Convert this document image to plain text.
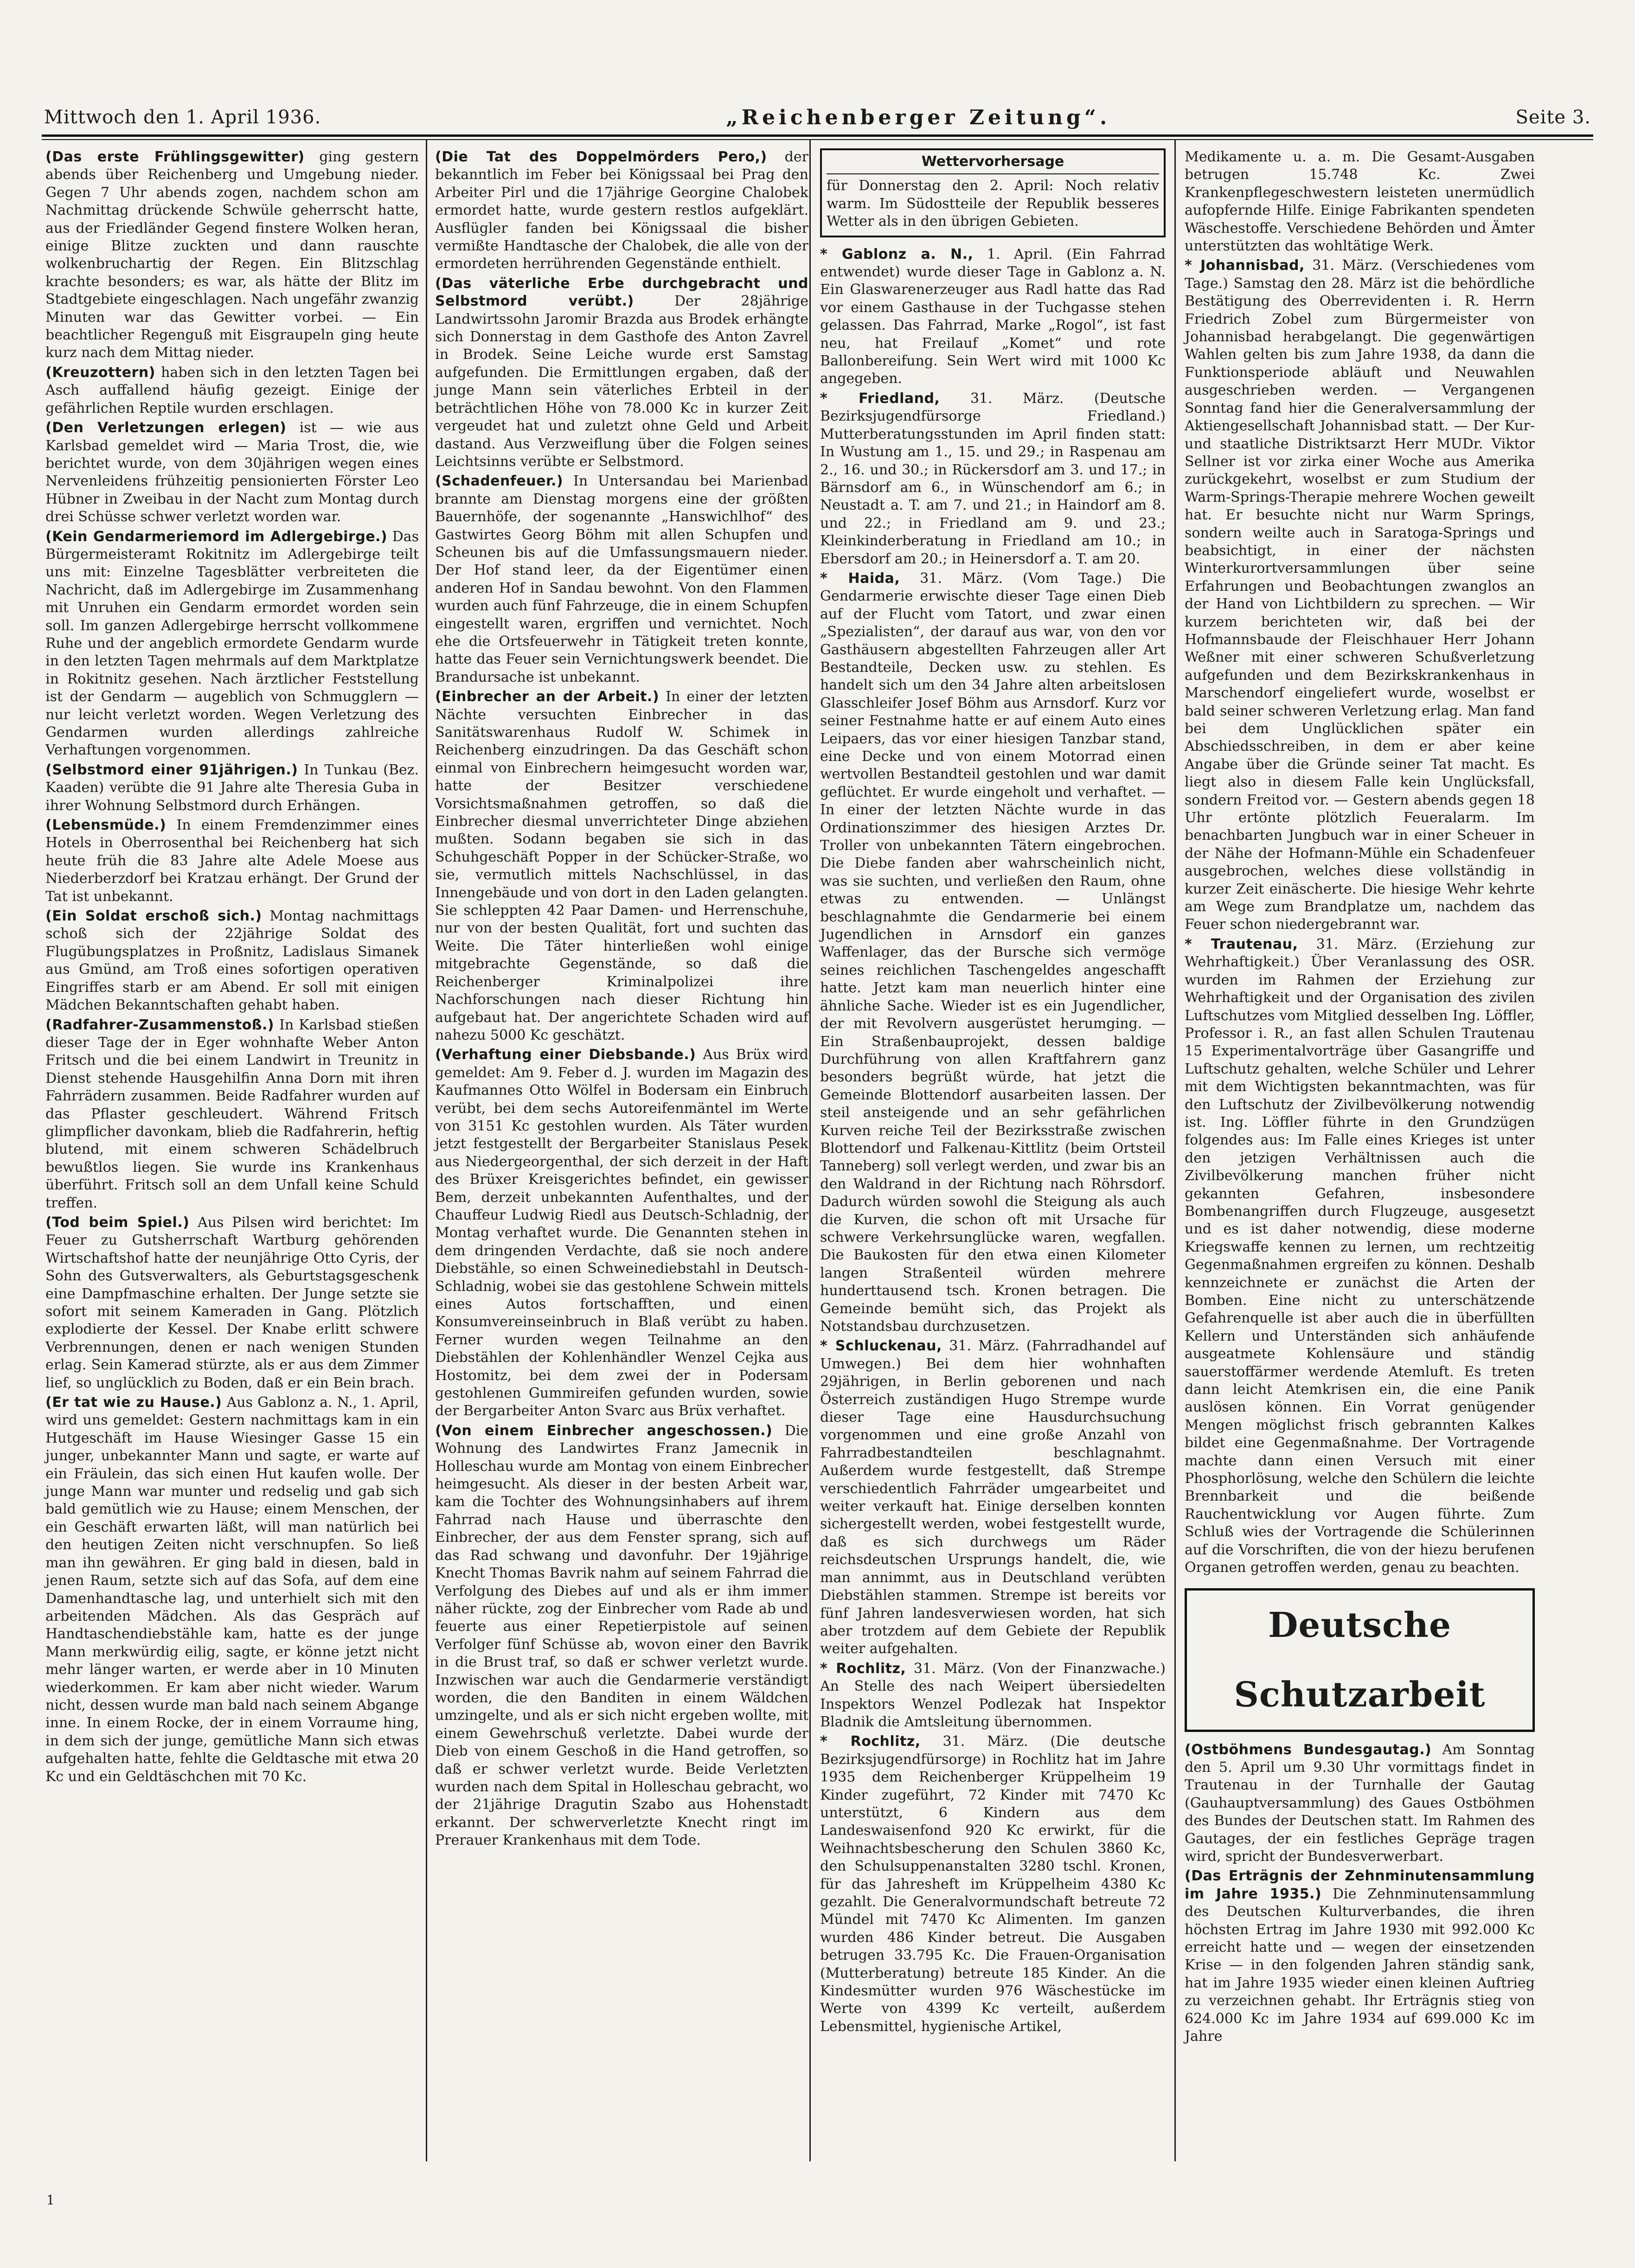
Mittwoch den 1. April 1936.	„Reichenberger Zeitung“.	Seite 3.

(Das erste Frühlingsgewitter) ging gestern abends über Reichenberg und Umgebung nieder. Gegen 7 Uhr abends zogen, nachdem schon am Nachmittag drückende Schwüle geherrscht hatte, aus der Friedländer Gegend finstere Wolken heran, einige Blitze zuckten und dann rauschte wolkenbruchartig der Regen. Ein Blitzschlag krachte besonders; es war, als hätte der Blitz im Stadtgebiete eingeschlagen. Nach ungefähr zwanzig Minuten war das Gewitter vorbei. — Ein beachtlicher Regenguß mit Eisgraupeln ging heute kurz nach dem Mittag nieder.

(Kreuzottern) haben sich in den letzten Tagen bei Asch auffallend häufig gezeigt. Einige der gefährlichen Reptile wurden erschlagen.

(Den Verletzungen erlegen) ist — wie aus Karlsbad gemeldet wird — Maria Trost, die, wie berichtet wurde, von dem 30jährigen wegen eines Nervenleidens frühzeitig pensionierten Förster Leo Hübner in Zweibau in der Nacht zum Montag durch drei Schüsse schwer verletzt worden war.

(Kein Gendarmeriemord im Adlergebirge.) Das Bürgermeisteramt Rokitnitz im Adlergebirge teilt uns mit: Einzelne Tagesblätter verbreiteten die Nachricht, daß im Adlergebirge im Zusammenhang mit Unruhen ein Gendarm ermordet worden sein soll. Im ganzen Adlergebirge herrscht vollkommene Ruhe und der angeblich ermordete Gendarm wurde in den letzten Tagen mehrmals auf dem Marktplatze in Rokitnitz gesehen. Nach ärztlicher Feststellung ist der Gendarm — augeblich von Schmugglern — nur leicht verletzt worden. Wegen Verletzung des Gendarmen wurden allerdings zahlreiche Verhaftungen vorgenommen.

(Selbstmord einer 91jährigen.) In Tunkau (Bez. Kaaden) verübte die 91 Jahre alte Theresia Guba in ihrer Wohnung Selbstmord durch Erhängen.

(Lebensmüde.) In einem Fremdenzimmer eines Hotels in Oberrosenthal bei Reichenberg hat sich heute früh die 83 Jahre alte Adele Moese aus Niederberzdorf bei Kratzau erhängt. Der Grund der Tat ist unbekannt.

(Ein Soldat erschoß sich.) Montag nachmittags schoß sich der 22jährige Soldat des Flugübungsplatzes in Proßnitz, Ladislaus Simanek aus Gmünd, am Troß eines sofortigen operativen Eingriffes starb er am Abend. Er soll mit einigen Mädchen Bekanntschaften gehabt haben.

(Radfahrer-Zusammenstoß.) In Karlsbad stießen dieser Tage der in Eger wohnhafte Weber Anton Fritsch und die bei einem Landwirt in Treunitz in Dienst stehende Hausgehilfin Anna Dorn mit ihren Fahrrädern zusammen. Beide Radfahrer wurden auf das Pflaster geschleudert. Während Fritsch glimpflicher davonkam, blieb die Radfahrerin, heftig blutend, mit einem schweren Schädelbruch bewußtlos liegen. Sie wurde ins Krankenhaus überführt. Fritsch soll an dem Unfall keine Schuld treffen.

(Tod beim Spiel.) Aus Pilsen wird berichtet: Im Feuer zu Gutsherrschaft Wartburg gehörenden Wirtschaftshof hatte der neunjährige Otto Cyris, der Sohn des Gutsverwalters, als Geburtstagsgeschenk eine Dampfmaschine erhalten. Der Junge setzte sie sofort mit seinem Kameraden in Gang. Plötzlich explodierte der Kessel. Der Knabe erlitt schwere Verbrennungen, denen er nach wenigen Stunden erlag. Sein Kamerad stürzte, als er aus dem Zimmer lief, so unglücklich zu Boden, daß er ein Bein brach.

(Er tat wie zu Hause.) Aus Gablonz a. N., 1. April, wird uns gemeldet: Gestern nachmittags kam in ein Hutgeschäft im Hause Wiesinger Gasse 15 ein junger, unbekannter Mann und sagte, er warte auf ein Fräulein, das sich einen Hut kaufen wolle. Der junge Mann war munter und redselig und gab sich bald gemütlich wie zu Hause; einem Menschen, der ein Geschäft erwarten läßt, will man natürlich bei den heutigen Zeiten nicht verschnupfen. So ließ man ihn gewähren. Er ging bald in diesen, bald in jenen Raum, setzte sich auf das Sofa, auf dem eine Damenhandtasche lag, und unterhielt sich mit den arbeitenden Mädchen. Als das Gespräch auf Handtaschendiebstähle kam, hatte es der junge Mann merkwürdig eilig, sagte, er könne jetzt nicht mehr länger warten, er werde aber in 10 Minuten wiederkommen. Er kam aber nicht wieder. Warum nicht, dessen wurde man bald nach seinem Abgange inne. In einem Rocke, der in einem Vorraume hing, in dem sich der junge, gemütliche Mann sich etwas aufgehalten hatte, fehlte die Geldtasche mit etwa 20 Kc und ein Geldtäschchen mit 70 Kc.

(Die Tat des Doppelmörders Pero,) der bekanntlich im Feber bei Königssaal bei Prag den Arbeiter Pirl und die 17jährige Georgine Chalobek ermordet hatte, wurde gestern restlos aufgeklärt. Ausflügler fanden bei Königssaal die bisher vermißte Handtasche der Chalobek, die alle von der ermordeten herrührenden Gegenstände enthielt.

(Das väterliche Erbe durchgebracht und Selbstmord verübt.) Der 28jährige Landwirtssohn Jaromir Brazda aus Brodek erhängte sich Donnerstag in dem Gasthofe des Anton Zavrel in Brodek. Seine Leiche wurde erst Samstag aufgefunden. Die Ermittlungen ergaben, daß der junge Mann sein väterliches Erbteil in der beträchtlichen Höhe von 78.000 Kc in kurzer Zeit vergeudet hat und zuletzt ohne Geld und Arbeit dastand. Aus Verzweiflung über die Folgen seines Leichtsinns verübte er Selbstmord.

(Schadenfeuer.) In Untersandau bei Marienbad brannte am Dienstag morgens eine der größten Bauernhöfe, der sogenannte „Hanswichlhof“ des Gastwirtes Georg Böhm mit allen Schupfen und Scheunen bis auf die Umfassungsmauern nieder. Der Hof stand leer, da der Eigentümer einen anderen Hof in Sandau bewohnt. Von den Flammen wurden auch fünf Fahrzeuge, die in einem Schupfen eingestellt waren, ergriffen und vernichtet. Noch ehe die Ortsfeuerwehr in Tätigkeit treten konnte, hatte das Feuer sein Vernichtungswerk beendet. Die Brandursache ist unbekannt.

(Einbrecher an der Arbeit.) In einer der letzten Nächte versuchten Einbrecher in das Sanitätswarenhaus Rudolf W. Schimek in Reichenberg einzudringen. Da das Geschäft schon einmal von Einbrechern heimgesucht worden war, hatte der Besitzer verschiedene Vorsichtsmaßnahmen getroffen, so daß die Einbrecher diesmal unverrichteter Dinge abziehen mußten. Sodann begaben sie sich in das Schuhgeschäft Popper in der Schücker-Straße, wo sie, vermutlich mittels Nachschlüssel, in das Innengebäude und von dort in den Laden gelangten. Sie schleppten 42 Paar Damen- und Herrenschuhe, nur von der besten Qualität, fort und suchten das Weite. Die Täter hinterließen wohl einige mitgebrachte Gegenstände, so daß die Reichenberger Kriminalpolizei ihre Nachforschungen nach dieser Richtung hin aufgebaut hat. Der angerichtete Schaden wird auf nahezu 5000 Kc geschätzt.

(Verhaftung einer Diebsbande.) Aus Brüx wird gemeldet: Am 9. Feber d. J. wurden im Magazin des Kaufmannes Otto Wölfel in Bodersam ein Einbruch verübt, bei dem sechs Autoreifenmäntel im Werte von 3151 Kc gestohlen wurden. Als Täter wurden jetzt festgestellt der Bergarbeiter Stanislaus Pesek aus Niedergeorgenthal, der sich derzeit in der Haft des Brüxer Kreisgerichtes befindet, ein gewisser Bem, derzeit unbekannten Aufenthaltes, und der Chauffeur Ludwig Riedl aus Deutsch-Schladnig, der Montag verhaftet wurde. Die Genannten stehen in dem dringenden Verdachte, daß sie noch andere Diebstähle, so einen Schweinediebstahl in Deutsch-Schladnig, wobei sie das gestohlene Schwein mittels eines Autos fortschafften, und einen Konsumvereinseinbruch in Blaß verübt zu haben. Ferner wurden wegen Teilnahme an den Diebstählen der Kohlenhändler Wenzel Cejka aus Hostomitz, bei dem zwei der in Podersam gestohlenen Gummireifen gefunden wurden, sowie der Bergarbeiter Anton Svarc aus Brüx verhaftet.

(Von einem Einbrecher angeschossen.) Die Wohnung des Landwirtes Franz Jamecnik in Holleschau wurde am Montag von einem Einbrecher heimgesucht. Als dieser in der besten Arbeit war, kam die Tochter des Wohnungsinhabers auf ihrem Fahrrad nach Hause und überraschte den Einbrecher, der aus dem Fenster sprang, sich auf das Rad schwang und davonfuhr. Der 19jährige Knecht Thomas Bavrik nahm auf seinem Fahrrad die Verfolgung des Diebes auf und als er ihm immer näher rückte, zog der Einbrecher vom Rade ab und feuerte aus einer Repetierpistole auf seinen Verfolger fünf Schüsse ab, wovon einer den Bavrik in die Brust traf, so daß er schwer verletzt wurde. Inzwischen war auch die Gendarmerie verständigt worden, die den Banditen in einem Wäldchen umzingelte, und als er sich nicht ergeben wollte, mit einem Gewehrschuß verletzte. Dabei wurde der Dieb von einem Geschoß in die Hand getroffen, so daß er schwer verletzt wurde. Beide Verletzten wurden nach dem Spital in Holleschau gebracht, wo der 21jährige Dragutin Szabo aus Hohenstadt erkannt. Der schwerverletzte Knecht ringt im Prerauer Krankenhaus mit dem Tode.

Wettervorhersage

für Donnerstag den 2. April: Noch relativ warm. Im Südostteile der Republik besseres Wetter als in den übrigen Gebieten.

* Gablonz a. N., 1. April. (Ein Fahrrad entwendet) wurde dieser Tage in Gablonz a. N. Ein Glaswarenerzeuger aus Radl hatte das Rad vor einem Gasthause in der Tuchgasse stehen gelassen. Das Fahrrad, Marke „Rogol“, ist fast neu, hat Freilauf „Komet“ und rote Ballonbereifung. Sein Wert wird mit 1000 Kc angegeben.

* Friedland, 31. März. (Deutsche Bezirksjugendfürsorge Friedland.) Mutterberatungsstunden im April finden statt: In Wustung am 1., 15. und 29.; in Raspenau am 2., 16. und 30.; in Rückersdorf am 3. und 17.; in Bärnsdorf am 6., in Wünschendorf am 6.; in Neustadt a. T. am 7. und 21.; in Haindorf am 8. und 22.; in Friedland am 9. und 23.; Kleinkinderberatung in Friedland am 10.; in Ebersdorf am 20.; in Heinersdorf a. T. am 20.

* Haida, 31. März. (Vom Tage.) Die Gendarmerie erwischte dieser Tage einen Dieb auf der Flucht vom Tatort, und zwar einen „Spezialisten“, der darauf aus war, von den vor Gasthäusern abgestellten Fahrzeugen aller Art Bestandteile, Decken usw. zu stehlen. Es handelt sich um den 34 Jahre alten arbeitslosen Glasschleifer Josef Böhm aus Arnsdorf. Kurz vor seiner Festnahme hatte er auf einem Auto eines Leipaers, das vor einer hiesigen Tanzbar stand, eine Decke und von einem Motorrad einen wertvollen Bestandteil gestohlen und war damit geflüchtet. Er wurde eingeholt und verhaftet. — In einer der letzten Nächte wurde in das Ordinationszimmer des hiesigen Arztes Dr. Troller von unbekannten Tätern eingebrochen. Die Diebe fanden aber wahrscheinlich nicht, was sie suchten, und verließen den Raum, ohne etwas zu entwenden. — Unlängst beschlagnahmte die Gendarmerie bei einem Jugendlichen in Arnsdorf ein ganzes Waffenlager, das der Bursche sich vermöge seines reichlichen Taschengeldes angeschafft hatte. Jetzt kam man neuerlich hinter eine ähnliche Sache. Wieder ist es ein Jugendlicher, der mit Revolvern ausgerüstet herumging. — Ein Straßenbauprojekt, dessen baldige Durchführung von allen Kraftfahrern ganz besonders begrüßt würde, hat jetzt die Gemeinde Blottendorf ausarbeiten lassen. Der steil ansteigende und an sehr gefährlichen Kurven reiche Teil der Bezirksstraße zwischen Blottendorf und Falkenau-Kittlitz (beim Ortsteil Tanneberg) soll verlegt werden, und zwar bis an den Waldrand in der Richtung nach Röhrsdorf. Dadurch würden sowohl die Steigung als auch die Kurven, die schon oft mit Ursache für schwere Verkehrsunglücke waren, wegfallen. Die Baukosten für den etwa einen Kilometer langen Straßenteil würden mehrere hunderttausend tsch. Kronen betragen. Die Gemeinde bemüht sich, das Projekt als Notstandsbau durchzusetzen.

* Schluckenau, 31. März. (Fahrradhandel auf Umwegen.) Bei dem hier wohnhaften 29jährigen, in Berlin geborenen und nach Österreich zuständigen Hugo Strempe wurde dieser Tage eine Hausdurchsuchung vorgenommen und eine große Anzahl von Fahrradbestandteilen beschlagnahmt. Außerdem wurde festgestellt, daß Strempe verschiedentlich Fahrräder umgearbeitet und weiter verkauft hat. Einige derselben konnten sichergestellt werden, wobei festgestellt wurde, daß es sich durchwegs um Räder reichsdeutschen Ursprungs handelt, die, wie man annimmt, aus in Deutschland verübten Diebstählen stammen. Strempe ist bereits vor fünf Jahren landesverwiesen worden, hat sich aber trotzdem auf dem Gebiete der Republik weiter aufgehalten.

* Rochlitz, 31. März. (Von der Finanzwache.) An Stelle des nach Weipert übersiedelten Inspektors Wenzel Podlezak hat Inspektor Bladnik die Amtsleitung übernommen.

* Rochlitz, 31. März. (Die deutsche Bezirksjugendfürsorge) in Rochlitz hat im Jahre 1935 dem Reichenberger Krüppelheim 19 Kinder zugeführt, 72 Kinder mit 7470 Kc unterstützt, 6 Kindern aus dem Landeswaisenfond 920 Kc erwirkt, für die Weihnachtsbescherung den Schulen 3860 Kc, den Schulsuppenanstalten 3280 tschl. Kronen, für das Jahresheft im Krüppelheim 4380 Kc gezahlt. Die Generalvormundschaft betreute 72 Mündel mit 7470 Kc Alimenten. Im ganzen wurden 486 Kinder betreut. Die Ausgaben betrugen 33.795 Kc. Die Frauen-Organisation (Mutterberatung) betreute 185 Kinder. An die Kindesmütter wurden 976 Wäschestücke im Werte von 4399 Kc verteilt, außerdem Lebensmittel, hygienische Artikel,

Medikamente u. a. m. Die Gesamt-Ausgaben betrugen 15.748 Kc. Zwei Krankenpflegeschwestern leisteten unermüdlich aufopfernde Hilfe. Einige Fabrikanten spendeten Wäschestoffe. Verschiedene Behörden und Ämter unterstützten das wohltätige Werk.

* Johannisbad, 31. März. (Verschiedenes vom Tage.) Samstag den 28. März ist die behördliche Bestätigung des Oberrevidenten i. R. Herrn Friedrich Zobel zum Bürgermeister von Johannisbad herabgelangt. Die gegenwärtigen Wahlen gelten bis zum Jahre 1938, da dann die Funktionsperiode abläuft und Neuwahlen ausgeschrieben werden. — Vergangenen Sonntag fand hier die Generalversammlung der Aktiengesellschaft Johannisbad statt. — Der Kur- und staatliche Distriktsarzt Herr MUDr. Viktor Sellner ist vor zirka einer Woche aus Amerika zurückgekehrt, woselbst er zum Studium der Warm-Springs-Therapie mehrere Wochen geweilt hat. Er besuchte nicht nur Warm Springs, sondern weilte auch in Saratoga-Springs und beabsichtigt, in einer der nächsten Winterkurortversammlungen über seine Erfahrungen und Beobachtungen zwanglos an der Hand von Lichtbildern zu sprechen. — Wir kurzem berichteten wir, daß bei der Hofmannsbaude der Fleischhauer Herr Johann Weßner mit einer schweren Schußverletzung aufgefunden und dem Bezirkskrankenhaus in Marschendorf eingeliefert wurde, woselbst er bald seiner schweren Verletzung erlag. Man fand bei dem Unglücklichen später ein Abschiedsschreiben, in dem er aber keine Angabe über die Gründe seiner Tat macht. Es liegt also in diesem Falle kein Unglücksfall, sondern Freitod vor. — Gestern abends gegen 18 Uhr ertönte plötzlich Feueralarm. Im benachbarten Jungbuch war in einer Scheuer in der Nähe der Hofmann-Mühle ein Schadenfeuer ausgebrochen, welches diese vollständig in kurzer Zeit einäscherte. Die hiesige Wehr kehrte am Wege zum Brandplatze um, nachdem das Feuer schon niedergebrannt war.

* Trautenau, 31. März. (Erziehung zur Wehrhaftigkeit.) Über Veranlassung des OSR. wurden im Rahmen der Erziehung zur Wehrhaftigkeit und der Organisation des zivilen Luftschutzes vom Mitglied desselben Ing. Löffler, Professor i. R., an fast allen Schulen Trautenau 15 Experimentalvorträge über Gasangriffe und Luftschutz gehalten, welche Schüler und Lehrer mit dem Wichtigsten bekanntmachten, was für den Luftschutz der Zivilbevölkerung notwendig ist. Ing. Löffler führte in den Grundzügen folgendes aus: Im Falle eines Krieges ist unter den jetzigen Verhältnissen auch die Zivilbevölkerung manchen früher nicht gekannten Gefahren, insbesondere Bombenangriffen durch Flugzeuge, ausgesetzt und es ist daher notwendig, diese moderne Kriegswaffe kennen zu lernen, um rechtzeitig Gegenmaßnahmen ergreifen zu können. Deshalb kennzeichnete er zunächst die Arten der Bomben. Eine nicht zu unterschätzende Gefahrenquelle ist aber auch die in überfüllten Kellern und Unterständen sich anhäufende ausgeatmete Kohlensäure und ständig sauerstoffärmer werdende Atemluft. Es treten dann leicht Atemkrisen ein, die eine Panik auslösen können. Ein Vorrat genügender Mengen möglichst frisch gebrannten Kalkes bildet eine Gegenmaßnahme. Der Vortragende machte dann einen Versuch mit einer Phosphorlösung, welche den Schülern die leichte Brennbarkeit und die beißende Rauchentwicklung vor Augen führte. Zum Schluß wies der Vortragende die Schülerinnen auf die Vorschriften, die von der hiezu berufenen Organen getroffen werden, genau zu beachten.

Deutsche Schutzarbeit

(Ostböhmens Bundesgautag.) Am Sonntag den 5. April um 9.30 Uhr vormittags findet in Trautenau in der Turnhalle der Gautag (Gauhauptversammlung) des Gaues Ostböhmen des Bundes der Deutschen statt. Im Rahmen des Gautages, der ein festliches Gepräge tragen wird, spricht der Bundesverwerbart.

(Das Erträgnis der Zehnminutensammlung im Jahre 1935.) Die Zehnminutensammlung des Deutschen Kulturverbandes, die ihren höchsten Ertrag im Jahre 1930 mit 992.000 Kc erreicht hatte und — wegen der einsetzenden Krise — in den folgenden Jahren ständig sank, hat im Jahre 1935 wieder einen kleinen Auftrieg zu verzeichnen gehabt. Ihr Erträgnis stieg von 624.000 Kc im Jahre 1934 auf 699.000 Kc im Jahre

1
